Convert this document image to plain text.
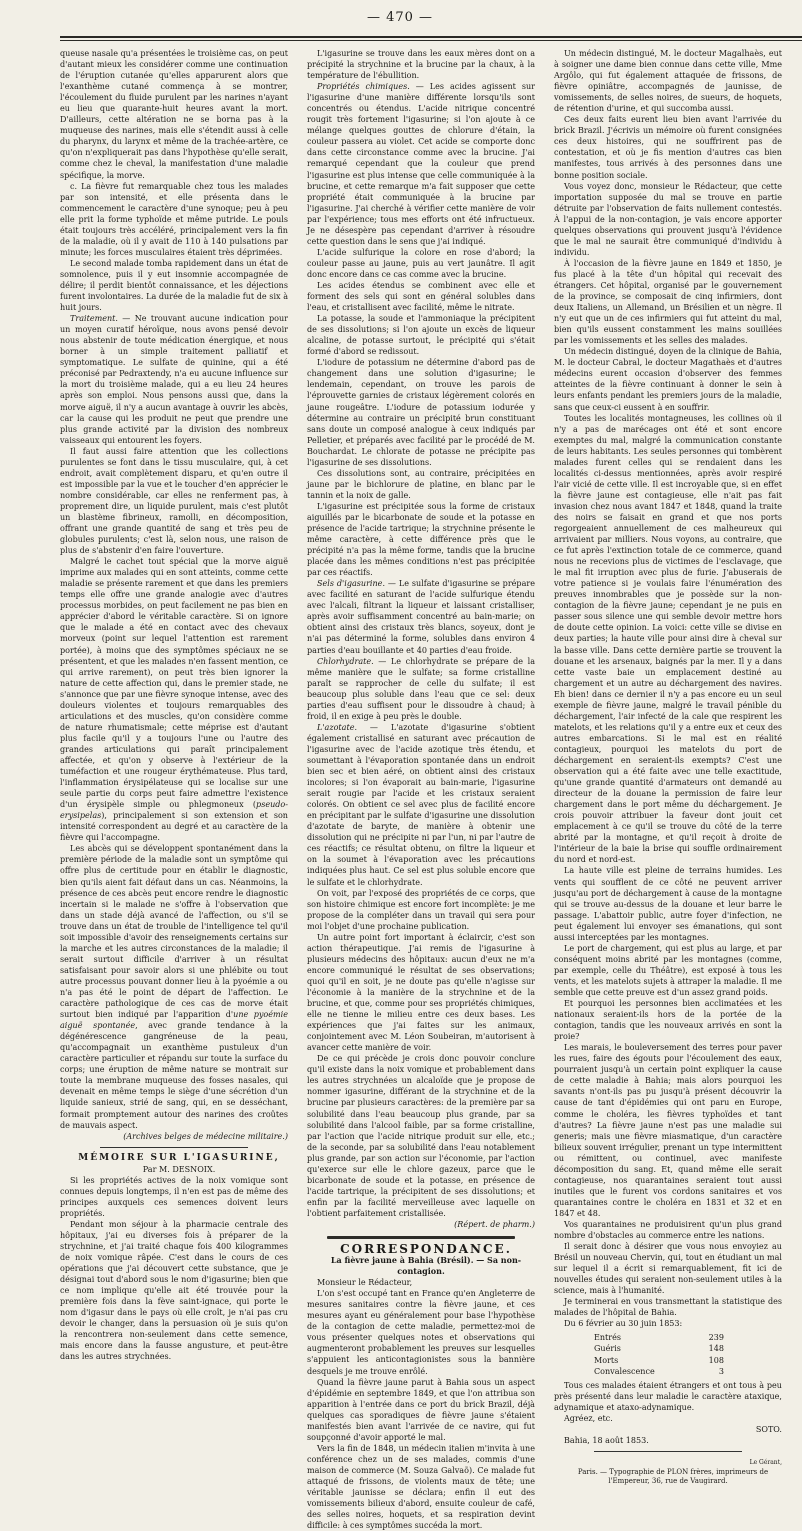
— 470 —

queuse nasale qu'a présentées le troisième cas, on peut d'autant mieux les considérer comme une continuation de l'éruption cutanée qu'elles apparurent alors que l'exanthème cutané commença à se montrer, l'écoulement du fluide purulent par les narines n'ayant eu lieu que quarante-huit heures avant la mort. D'ailleurs, cette altération ne se borna pas à la muqueuse des narines, mais elle s'étendit aussi à celle du pharynx, du larynx et même de la trachée-artère, ce qu'on n'expliquerait pas dans l'hypothèse qu'elle serait, comme chez le cheval, la manifestation d'une maladie spécifique, la morve.

c. La fièvre fut remarquable chez tous les malades par son intensité, et elle présenta dans le commencement le caractère d'une synoque; peu à peu elle prit la forme typhoïde et même putride. Le pouls était toujours très accéléré, principalement vers la fin de la maladie, où il y avait de 110 à 140 pulsations par minute; les forces musculaires étaient très déprimées.

Le second malade tomba rapidement dans un état de somnolence, puis il y eut insomnie accompagnée de délire; il perdit bientôt connaissance, et les déjections furent involontaires. La durée de la maladie fut de six à huit jours.

Traitement. — Ne trouvant aucune indication pour un moyen curatif héroïque, nous avons pensé devoir nous abstenir de toute médication énergique, et nous borner à un simple traitement palliatif et symptomatique. Le sulfate de quinine, qui a été préconisé par Pedraxtendy, n'a eu aucune influence sur la mort du troisième malade, qui a eu lieu 24 heures après son emploi. Nous pensons aussi que, dans la morve aiguë, il n'y a aucun avantage à ouvrir les abcès, car la cause qui les produit ne peut que prendre une plus grande activité par la division des nombreux vaisseaux qui entourent les foyers.

Il faut aussi faire attention que les collections purulentes se font dans le tissu musculaire, qui, à cet endroit, avait complètement disparu, et qu'en outre il est impossible par la vue et le toucher d'en apprécier le nombre considérable, car elles ne renferment pas, à proprement dire, un liquide purulent, mais c'est plutôt un blastème fibrineux, ramolli, en décomposition, offrant une grande quantité de sang et très peu de globules purulents; c'est là, selon nous, une raison de plus de s'abstenir d'en faire l'ouverture.

Malgré le cachet tout spécial que la morve aiguë imprime aux malades qui en sont atteints, comme cette maladie se présente rarement et que dans les premiers temps elle offre une grande analogie avec d'autres processus morbides, on peut facilement ne pas bien en apprécier d'abord le véritable caractère. Si on ignore que le malade a été en contact avec des chevaux morveux (point sur lequel l'attention est rarement portée), à moins que des symptômes spéciaux ne se présentent, et que les malades n'en fassent mention, ce qui arrive rarement), on peut très bien ignorer la nature de cette affection qui, dans le premier stade, ne s'annonce que par une fièvre synoque intense, avec des douleurs violentes et toujours remarquables des articulations et des muscles, qu'on considère comme de nature rhumatismale; cette méprise est d'autant plus facile qu'il y a toujours l'une ou l'autre des grandes articulations qui paraît principalement affectée, et qu'on y observe à l'extérieur de la tuméfaction et une rougeur érythémateuse. Plus tard, l'inflammation érysipélateuse qui se localise sur une seule partie du corps peut faire admettre l'existence d'un érysipèle simple ou phlegmoneux (pseudo-erysipelas), principalement si son extension et son intensité correspondent au degré et au caractère de la fièvre qui l'accompagne.

Les abcès qui se développent spontanément dans la première période de la maladie sont un symptôme qui offre plus de certitude pour en établir le diagnostic, bien qu'ils aient fait défaut dans un cas. Néanmoins, la présence de ces abcès peut encore rendre le diagnostic incertain si le malade ne s'offre à l'observation que dans un stade déjà avancé de l'affection, ou s'il se trouve dans un état de trouble de l'intelligence tel qu'il soit impossible d'avoir des renseignements certains sur la marche et les autres circonstances de la maladie; il serait surtout difficile d'arriver à un résultat satisfaisant pour savoir alors si une phlébite ou tout autre processus pouvant donner lieu à la pyoémie a ou n'a pas été le point de départ de l'affection. Le caractère pathologique de ces cas de morve était surtout bien indiqué par l'apparition d'une pyoémie aiguë spontanée, avec grande tendance à la dégénérescence gangréneuse de la peau, qu'accompagnait un exanthème pustuleux d'un caractère particulier et répandu sur toute la surface du corps; une éruption de même nature se montrait sur toute la membrane muqueuse des fosses nasales, qui devenait en même temps le siège d'une sécrétion d'un liquide sanieux, strié de sang, qui, en se desséchant, formait promptement autour des narines des croûtes de mauvais aspect.

(Archives belges de médecine militaire.)

MÉMOIRE SUR L'IGASURINE,

Par M. DESNOIX.

Si les propriétés actives de la noix vomique sont connues depuis longtemps, il n'en est pas de même des principes auxquels ces semences doivent leurs propriétés.

Pendant mon séjour à la pharmacie centrale des hôpitaux, j'ai eu diverses fois à préparer de la strychnine, et j'ai traité chaque fois 400 kilogrammes de noix vomique râpée. C'est dans le cours de ces opérations que j'ai découvert cette substance, que je désignai tout d'abord sous le nom d'igasurine; bien que ce nom implique qu'elle ait été trouvée pour la première fois dans la fève saint-ignace, qui porte le nom d'igasur dans le pays où elle croît, je n'ai pas cru devoir le changer, dans la persuasion où je suis qu'on la rencontrera non-seulement dans cette semence, mais encore dans la fausse angusture, et peut-être dans les autres strychnées.

L'igasurine se trouve dans les eaux mères dont on a précipité la strychnine et la brucine par la chaux, à la température de l'ébullition.

Propriétés chimiques. — Les acides agissent sur l'igasurine d'une manière différente lorsqu'ils sont concentrés ou étendus. L'acide nitrique concentré rougit très fortement l'igasurine; si l'on ajoute à ce mélange quelques gouttes de chlorure d'étain, la couleur passera au violet. Cet acide se comporte donc dans cette circonstance comme avec la brucine. J'ai remarqué cependant que la couleur que prend l'igasurine est plus intense que celle communiquée à la brucine, et cette remarque m'a fait supposer que cette propriété était communiquée à la brucine par l'igasurine. J'ai cherché à vérifier cette manière de voir par l'expérience; tous mes efforts ont été infructueux. Je ne désespère pas cependant d'arriver à résoudre cette question dans le sens que j'ai indiqué.

L'acide sulfurique la colore en rose d'abord; la couleur passe au jaune, puis au vert jaunâtre. Il agit donc encore dans ce cas comme avec la brucine.

Les acides étendus se combinent avec elle et forment des sels qui sont en général solubles dans l'eau, et cristallisent avec facilité, même le nitrate.

La potasse, la soude et l'ammoniaque la précipitent de ses dissolutions; si l'on ajoute un excès de liqueur alcaline, de potasse surtout, le précipité qui s'était formé d'abord se redissout.

L'iodure de potassium ne détermine d'abord pas de changement dans une solution d'igasurine; le lendemain, cependant, on trouve les parois de l'éprouvette garnies de cristaux légèrement colorés en jaune rougeâtre. L'iodure de potassium iodurée y détermine au contraire un précipité brun constituant sans doute un composé analogue à ceux indiqués par Pelletier, et préparés avec facilité par le procédé de M. Bouchardat. Le chlorate de potasse ne précipite pas l'igasurine de ses dissolutions.

Ces dissolutions sont, au contraire, précipitées en jaune par le bichlorure de platine, en blanc par le tannin et la noix de galle.

L'igasurine est précipitée sous la forme de cristaux aiguillés par le bicarbonate de soude et la potasse en présence de l'acide tartrique; la strychnine présente le même caractère, à cette différence près que le précipité n'a pas la même forme, tandis que la brucine placée dans les mêmes conditions n'est pas précipitée par ces réactifs.

Sels d'igasurine. — Le sulfate d'igasurine se prépare avec facilité en saturant de l'acide sulfurique étendu avec l'alcali, filtrant la liqueur et laissant cristalliser, après avoir suffisamment concentré au bain-marie; on obtient ainsi des cristaux très blancs, soyeux, dont je n'ai pas déterminé la forme, solubles dans environ 4 parties d'eau bouillante et 40 parties d'eau froide.

Chlorhydrate. — Le chlorhydrate se prépare de la même manière que le sulfate; sa forme cristalline paraît se rapprocher de celle du sulfate; il est beaucoup plus soluble dans l'eau que ce sel: deux parties d'eau suffisent pour le dissoudre à chaud; à froid, il en exige à peu près le double.

L'azotate. — L'azotate d'igasurine s'obtient également cristallisé en saturant avec précaution de l'igasurine avec de l'acide azotique très étendu, et soumettant à l'évaporation spontanée dans un endroit bien sec et bien aéré, on obtient ainsi des cristaux incolores; si l'on évaporait au bain-marie, l'igasurine serait rougie par l'acide et les cristaux seraient colorés. On obtient ce sel avec plus de facilité encore en précipitant par le sulfate d'igasurine une dissolution d'azotate de baryte, de manière à obtenir une dissolution qui ne précipite ni par l'un, ni par l'autre de ces réactifs; ce résultat obtenu, on filtre la liqueur et on la soumet à l'évaporation avec les précautions indiquées plus haut. Ce sel est plus soluble encore que le sulfate et le chlorhydrate.

On voit, par l'exposé des propriétés de ce corps, que son histoire chimique est encore fort incomplète: je me propose de la compléter dans un travail qui sera pour moi l'objet d'une prochaine publication.

Un autre point fort important à éclaircir, c'est son action thérapeutique. J'ai remis de l'igasurine à plusieurs médecins des hôpitaux: aucun d'eux ne m'a encore communiqué le résultat de ses observations; quoi qu'il en soit, je ne doute pas qu'elle n'agisse sur l'économie à la manière de la strychnine et de la brucine, et que, comme pour ses propriétés chimiques, elle ne tienne le milieu entre ces deux bases. Les expériences que j'ai faites sur les animaux, conjointement avec M. Léon Soubeiran, m'autorisent à avancer cette manière de voir.

De ce qui précède je crois donc pouvoir conclure qu'il existe dans la noix vomique et probablement dans les autres strychnées un alcaloïde que je propose de nommer igasurine, différant de la strychnine et de la brucine par plusieurs caractères: de la première par sa solubilité dans l'eau beaucoup plus grande, par sa solubilité dans l'alcool faible, par sa forme cristalline, par l'action que l'acide nitrique produit sur elle, etc.; de la seconde, par sa solubilité dans l'eau notablement plus grande, par son action sur l'économie, par l'action qu'exerce sur elle le chlore gazeux, parce que le bicarbonate de soude et la potasse, en présence de l'acide tartrique, la précipitent de ses dissolutions; et enfin par la facilité merveilleuse avec laquelle on l'obtient parfaitement cristallisée.

(Répert. de pharm.)

CORRESPONDANCE.

La fièvre jaune à Bahia (Brésil). — Sa non-contagion.

Monsieur le Rédacteur,

L'on s'est occupé tant en France qu'en Angleterre de mesures sanitaires contre la fièvre jaune, et ces mesures ayant eu généralement pour base l'hypothèse de la contagion de cette maladie, permettez-moi de vous présenter quelques notes et observations qui augmenteront probablement les preuves sur lesquelles s'appuient les anticontagionistes sous la bannière desquels je me trouve enrôlé.

Quand la fièvre jaune parut à Bahia sous un aspect d'épidémie en septembre 1849, et que l'on attribua son apparition à l'entrée dans ce port du brick Brazil, déjà quelques cas sporadiques de fièvre jaune s'étaient manifestés bien avant l'arrivée de ce navire, qui fut soupçonné d'avoir apporté le mal.

Vers la fin de 1848, un médecin italien m'invita à une conférence chez un de ses malades, commis d'une maison de commerce (M. Souza Galvaõ). Ce malade fut attaqué de frissons, de violents maux de tête; une véritable jaunisse se déclara; enfin il eut des vomissements bilieux d'abord, ensuite couleur de café, des selles noires, hoquets, et sa respiration devint difficile: à ces symptômes succéda la mort.

Un médecin distingué, M. le docteur Magalhaès, eut à soigner une dame bien connue dans cette ville, Mme Argôlo, qui fut également attaquée de frissons, de fièvre opiniâtre, accompagnés de jaunisse, de vomissements, de selles noires, de sueurs, de hoquets, de rétention d'urine, et qui succomba aussi.

Ces deux faits eurent lieu bien avant l'arrivée du brick Brazil. J'écrivis un mémoire où furent consignées ces deux histoires, qui ne souffrirent pas de contestation, et où je fis mention d'autres cas bien manifestes, tous arrivés à des personnes dans une bonne position sociale.

Vous voyez donc, monsieur le Rédacteur, que cette importation supposée du mal se trouve en partie détruite par l'observation de faits nullement contestés. À l'appui de la non-contagion, je vais encore apporter quelques observations qui prouvent jusqu'à l'évidence que le mal ne saurait être communiqué d'individu à individu.

À l'occasion de la fièvre jaune en 1849 et 1850, je fus placé à la tête d'un hôpital qui recevait des étrangers. Cet hôpital, organisé par le gouvernement de la province, se composait de cinq infirmiers, dont deux Italiens, un Allemand, un Brésilien et un nègre. Il n'y eut que un de ces infirmiers qui fut atteint du mal, bien qu'ils eussent constamment les mains souillées par les vomissements et les selles des malades.

Un médecin distingué, doyen de la clinique de Bahia, M. le docteur Cabral, le docteur Magathaès et d'autres médecins eurent occasion d'observer des femmes atteintes de la fièvre continuant à donner le sein à leurs enfants pendant les premiers jours de la maladie, sans que ceux-ci eussent à en souffrir.

Toutes les localités montagneuses, les collines où il n'y a pas de marécages ont été et sont encore exemptes du mal, malgré la communication constante de leurs habitants. Les seules personnes qui tombèrent malades furent celles qui se rendaient dans les localités ci-dessus mentionnées, après avoir respiré l'air vicié de cette ville. Il est incroyable que, si en effet la fièvre jaune est contagieuse, elle n'ait pas fait invasion chez nous avant 1847 et 1848, quand la traite des noirs se faisait en grand et que nos ports regorgeaient annuellement de ces malheureux qui arrivaient par milliers. Nous voyons, au contraire, que ce fut après l'extinction totale de ce commerce, quand nous ne recevions plus de victimes de l'esclavage, que le mal fit irruption avec plus de furie. J'abuserais de votre patience si je voulais faire l'énumération des preuves innombrables que je possède sur la non-contagion de la fièvre jaune; cependant je ne puis en passer sous silence une qui semble devoir mettre hors de doute cette opinion. La voici: cette ville se divise en deux parties; la haute ville pour ainsi dire à cheval sur la basse ville. Dans cette dernière partie se trouvent la douane et les arsenaux, baignés par la mer. Il y a dans cette vaste baie un emplacement destiné au chargement et un autre au déchargement des navires. Eh bien! dans ce dernier il n'y a pas encore eu un seul exemple de fièvre jaune, malgré le travail pénible du déchargement, l'air infecté de la cale que respirent les matelots, et les relations qu'il y a entre eux et ceux des autres embarcations. Si le mal est en réalité contagieux, pourquoi les matelots du port de déchargement en seraient-ils exempts? C'est une observation qui a été faite avec une telle exactitude, qu'une grande quantité d'armateurs ont demandé au directeur de la douane la permission de faire leur chargement dans le port même du déchargement. Je crois pouvoir attribuer la faveur dont jouit cet emplacement à ce qu'il se trouve du côté de la terre abrité par la montagne, et qu'il reçoit à droite de l'intérieur de la baie la brise qui souffle ordinairement du nord et nord-est.

La haute ville est pleine de terrains humides. Les vents qui soufflent de ce côté ne peuvent arriver jusqu'au port de déchargement à cause de la montagne qui se trouve au-dessus de la douane et leur barre le passage. L'abattoir public, autre foyer d'infection, ne peut également lui envoyer ses émanations, qui sont aussi interceptées par les montagnes.

Le port de chargement, qui est plus au large, et par conséquent moins abrité par les montagnes (comme, par exemple, celle du Théâtre), est exposé à tous les vents, et les matelots sujets à attraper la maladie. Il me semble que cette preuve est d'un assez grand poids.

Et pourquoi les personnes bien acclimatées et les nationaux seraient-ils hors de la portée de la contagion, tandis que les nouveaux arrivés en sont la proie?

Les marais, le bouleversement des terres pour paver les rues, faire des égouts pour l'écoulement des eaux, pourraient jusqu'à un certain point expliquer la cause de cette maladie à Bahia; mais alors pourquoi les savants n'ont-ils pas pu jusqu'à présent découvrir la cause de tant d'épidémies qui ont paru en Europe, comme le choléra, les fièvres typhoïdes et tant d'autres? La fièvre jaune n'est pas une maladie sui generis; mais une fièvre miasmatique, d'un caractère bilieux souvent irrégulier, prenant un type intermittent ou rémittent, ou continuel, avec manifeste décomposition du sang. Et, quand même elle serait contagieuse, nos quarantaines seraient tout aussi inutiles que le furent vos cordons sanitaires et vos quarantaines contre le choléra en 1831 et 32 et en 1847 et 48.

Vos quarantaines ne produisirent qu'un plus grand nombre d'obstacles au commerce entre les nations.

Il serait donc à désirer que vous nous envoyiez au Brésil un nouveau Chervin, qui, tout en étudiant un mal sur lequel il a écrit si remarquablement, fit ici de nouvelles études qui seraient non-seulement utiles à la science, mais à l'humanité.

Je terminerai en vous transmettant la statistique des malades de l'hôpital de Bahia.

Du 6 février au 30 juin 1853:

Entrés	239
Guéris	148
Morts	108
Convalescence	3

Tous ces malades étaient étrangers et ont tous à peu près présenté dans leur maladie le caractère ataxique, adynamique et ataxo-adynamique.

Agréez, etc.

SOTO.

Bahia, 18 août 1853.

Le Gérant,

Paris. — Typographie de PLON frères, imprimeurs de l'Empereur, 36, rue de Vaugirard.
